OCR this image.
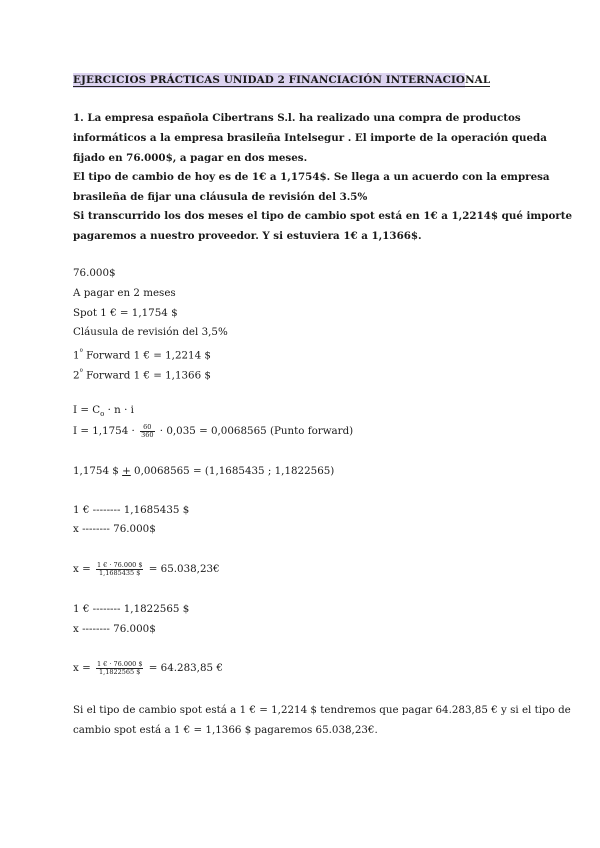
EJERCICIOS PRÁCTICAS UNIDAD 2 FINANCIACIÓN INTERNACIONAL
1. La empresa española Cibertrans S.l. ha realizado una compra de productos
informáticos a la empresa brasileña Intelsegur . El importe de la operación queda
fijado en 76.000$, a pagar en dos meses.
El tipo de cambio de hoy es de 1€ a 1,1754$. Se llega a un acuerdo con la empresa
brasileña de fijar una cláusula de revisión del 3.5%
Si transcurrido los dos meses el tipo de cambio spot está en 1€ a 1,2214$ qué importe
pagaremos a nuestro proveedor. Y si estuviera 1€ a 1,1366$.
76.000$
A pagar en 2 meses
Spot 1 € = 1,1754 $
Cláusula de revisión del 3,5%
$1^º$ Forward 1 € = 1,2214 $
$2^º$ Forward 1 € = 1,1366 $
$I = C_o \cdot n \cdot i$
$I = 1,1754 \cdot \frac{60}{360} \cdot 0,035 = 0,0068565$ (Punto forward)
1,1754 $ + 0,0068565 = (1,1685435 ; 1,1822565)
1 € -------- 1,1685435 $
x -------- 76.000$
$x = \frac{1 € \cdot 76.000 \$}{1,1685435 \$}$ = 65.038,23€
1 € -------- 1,1822565 $
x -------- 76.000$
$x = \frac{1 € \cdot 76.000 \$}{1,1822565 \$} = 64.283,85$ €
Si el tipo de cambio spot está a 1 € = 1,2214 $ tendremos que pagar 64.283,85 € y si el tipo de
cambio spot está a 1 € = 1,1366 $ pagaremos 65.038,23€.
